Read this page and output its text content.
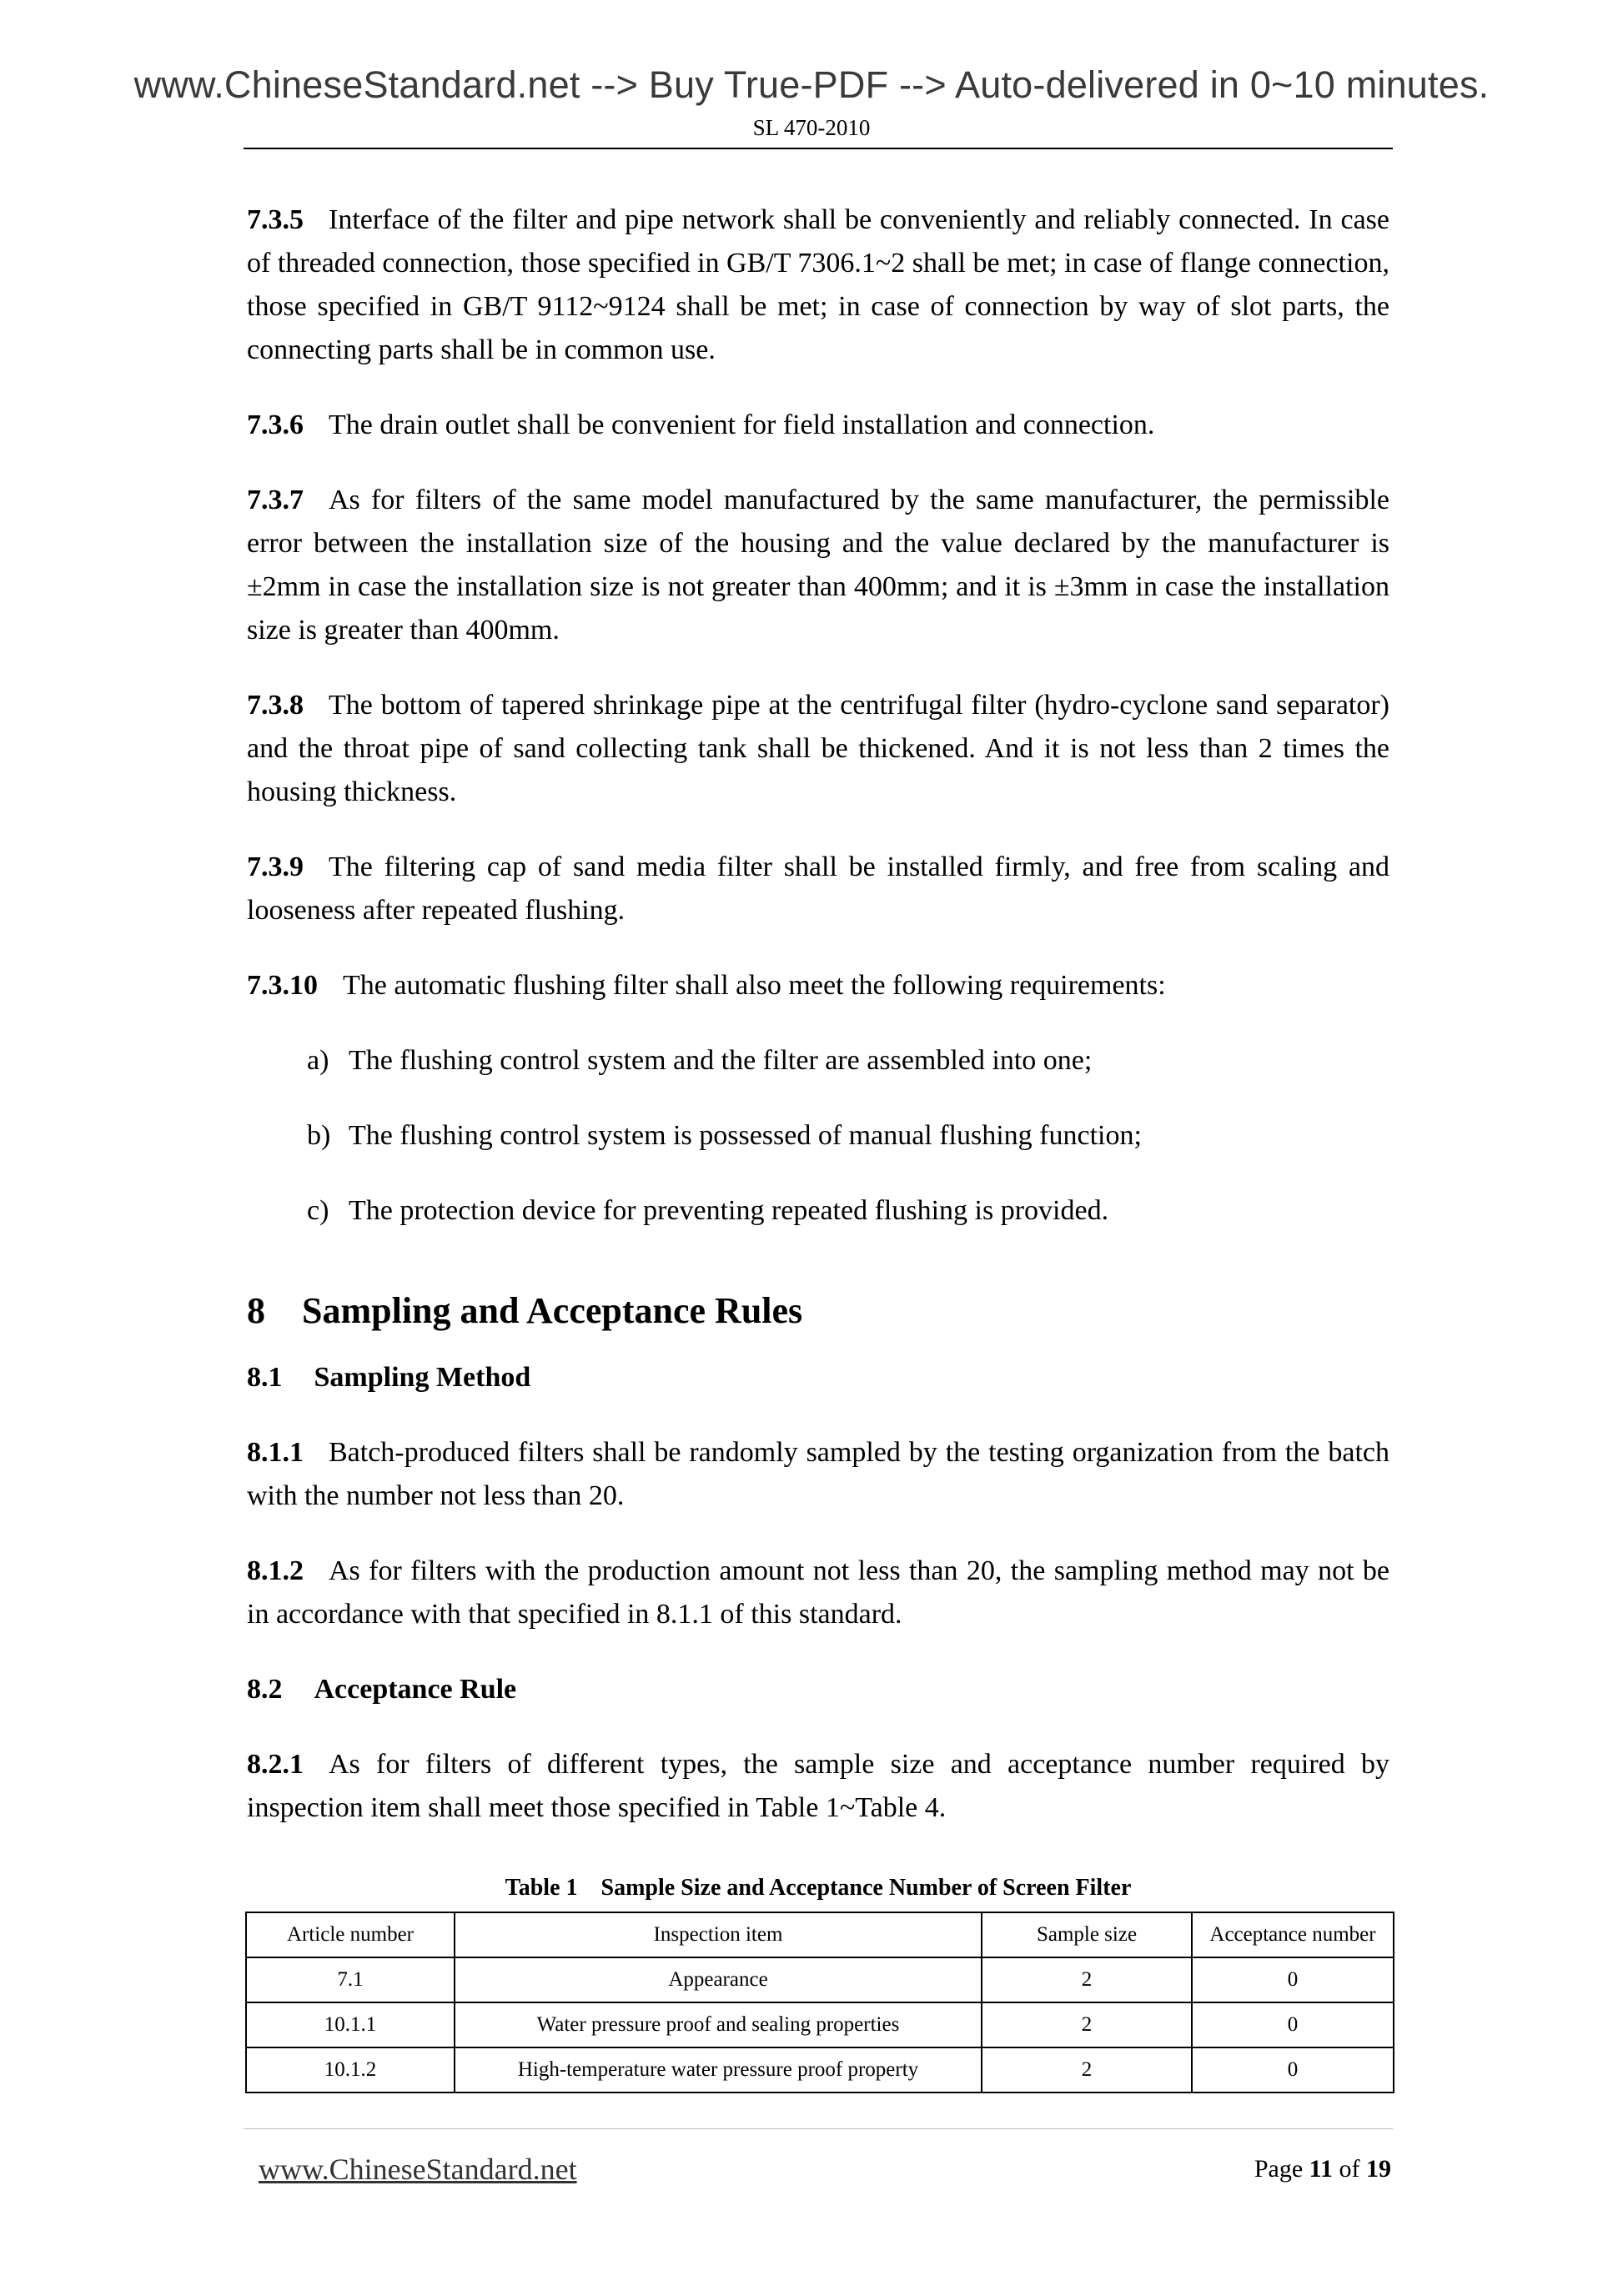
www.ChineseStandard.net --> Buy True-PDF --> Auto-delivered in 0~10 minutes.
SL 470-2010

7.3.5 Interface of the filter and pipe network shall be conveniently and reliably connected. In case of threaded connection, those specified in GB/T 7306.1~2 shall be met; in case of flange connection, those specified in GB/T 9112~9124 shall be met; in case of connection by way of slot parts, the connecting parts shall be in common use.

7.3.6 The drain outlet shall be convenient for field installation and connection.

7.3.7 As for filters of the same model manufactured by the same manufacturer, the permissible error between the installation size of the housing and the value declared by the manufacturer is ±2mm in case the installation size is not greater than 400mm; and it is ±3mm in case the installation size is greater than 400mm.

7.3.8 The bottom of tapered shrinkage pipe at the centrifugal filter (hydro-cyclone sand separator) and the throat pipe of sand collecting tank shall be thickened. And it is not less than 2 times the housing thickness.

7.3.9 The filtering cap of sand media filter shall be installed firmly, and free from scaling and looseness after repeated flushing.

7.3.10 The automatic flushing filter shall also meet the following requirements:

a) The flushing control system and the filter are assembled into one;
b) The flushing control system is possessed of manual flushing function;
c) The protection device for preventing repeated flushing is provided.
8 Sampling and Acceptance Rules
8.1 Sampling Method

8.1.1 Batch-produced filters shall be randomly sampled by the testing organization from the batch with the number not less than 20.

8.1.2 As for filters with the production amount not less than 20, the sampling method may not be in accordance with that specified in 8.1.1 of this standard.

8.2 Acceptance Rule

8.2.1 As for filters of different types, the sample size and acceptance number required by inspection item shall meet those specified in Table 1~Table 4.

Table 1    Sample Size and Acceptance Number of Screen Filter
Article number	Inspection item	Sample size	Acceptance number
7.1	Appearance	2	0
10.1.1	Water pressure proof and sealing properties	2	0
10.1.2	High-temperature water pressure proof property	2	0
www.ChineseStandard.net	Page 11 of 19
